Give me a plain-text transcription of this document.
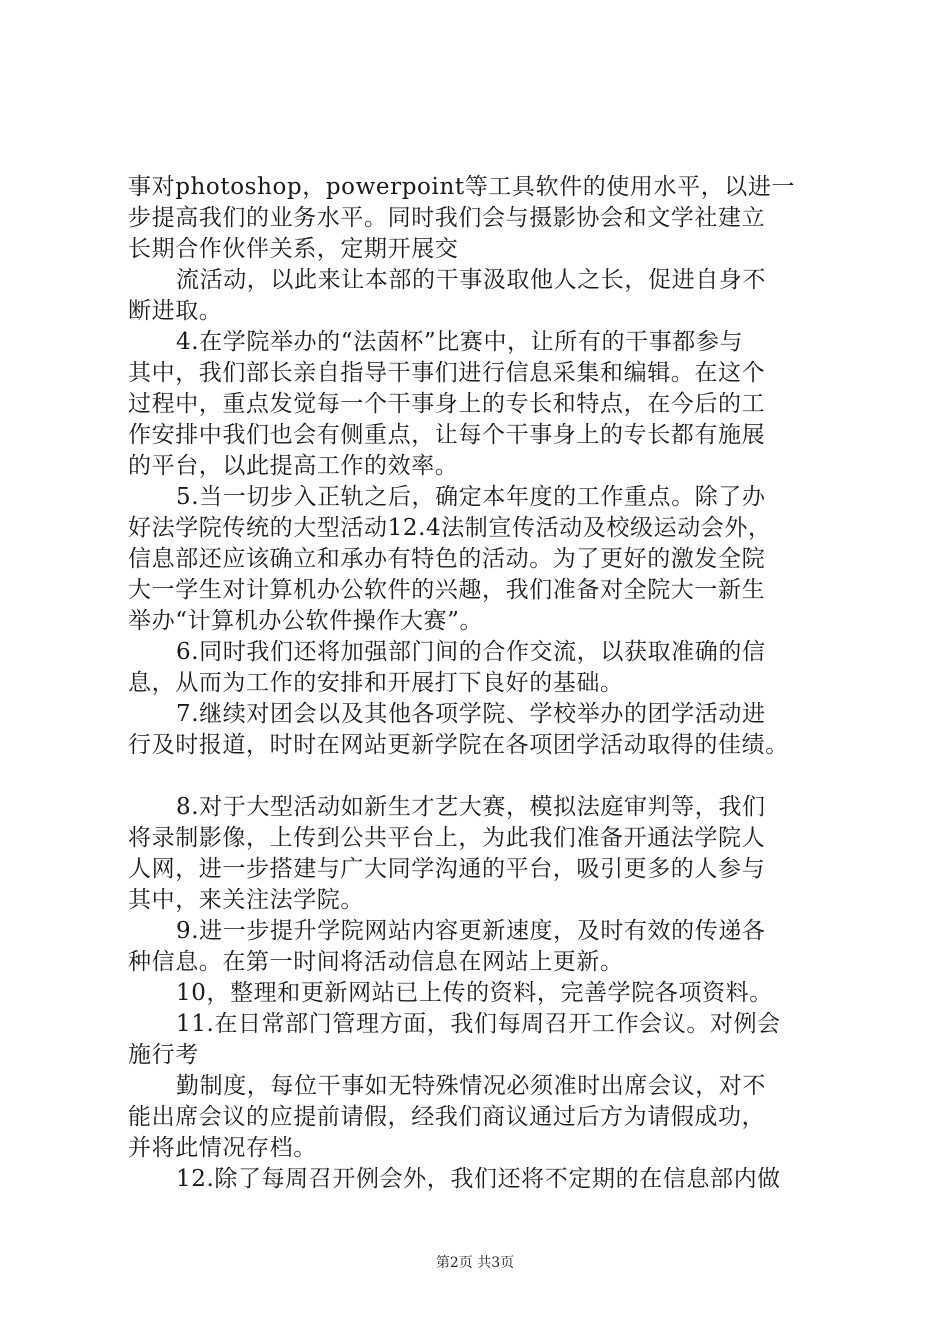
事对photoshop，powerpoint等工具软件的使用水平，以进一
步提高我们的业务水平。同时我们会与摄影协会和文学社建立
长期合作伙伴关系，定期开展交
流活动，以此来让本部的干事汲取他人之长，促进自身不
断进取。
4.在学院举办的“法茵杯”比赛中，让所有的干事都参与
其中，我们部长亲自指导干事们进行信息采集和编辑。在这个
过程中，重点发觉每一个干事身上的专长和特点，在今后的工
作安排中我们也会有侧重点，让每个干事身上的专长都有施展
的平台，以此提高工作的效率。
5.当一切步入正轨之后，确定本年度的工作重点。除了办
好法学院传统的大型活动12.4法制宣传活动及校级运动会外，
信息部还应该确立和承办有特色的活动。为了更好的激发全院
大一学生对计算机办公软件的兴趣，我们准备对全院大一新生
举办“计算机办公软件操作大赛”。
6.同时我们还将加强部门间的合作交流，以获取准确的信
息，从而为工作的安排和开展打下良好的基础。
7.继续对团会以及其他各项学院、学校举办的团学活动进
行及时报道，时时在网站更新学院在各项团学活动取得的佳绩。
8.对于大型活动如新生才艺大赛，模拟法庭审判等，我们
将录制影像，上传到公共平台上，为此我们准备开通法学院人
人网，进一步搭建与广大同学沟通的平台，吸引更多的人参与
其中，来关注法学院。
9.进一步提升学院网站内容更新速度，及时有效的传递各
种信息。在第一时间将活动信息在网站上更新。
10，整理和更新网站已上传的资料，完善学院各项资料。
11.在日常部门管理方面，我们每周召开工作会议。对例会
施行考
勤制度，每位干事如无特殊情况必须准时出席会议，对不
能出席会议的应提前请假，经我们商议通过后方为请假成功，
并将此情况存档。
12.除了每周召开例会外，我们还将不定期的在信息部内做
第2页 共3页
